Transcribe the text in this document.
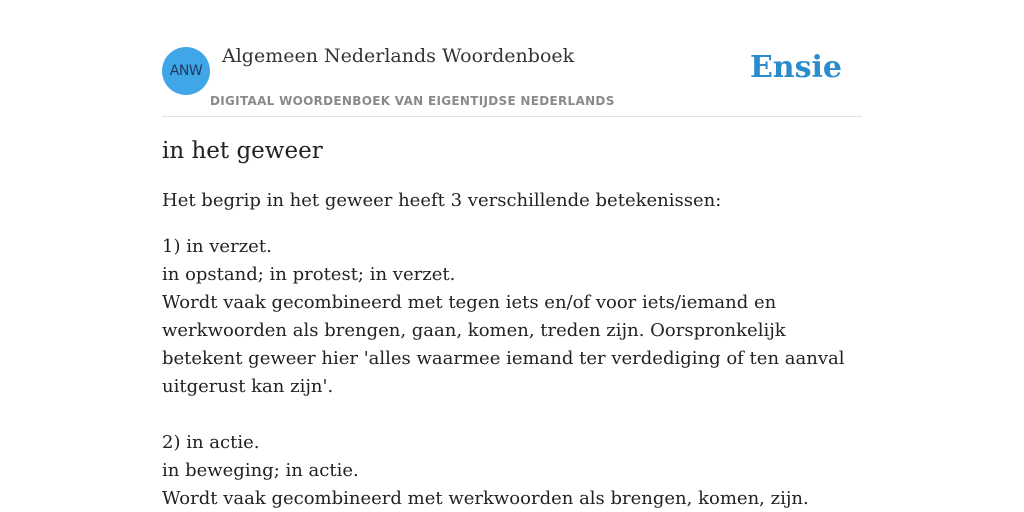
ANW
Algemeen Nederlands Woordenboek
DIGITAAL WOORDENBOEK VAN EIGENTIJDSE NEDERLANDS
Ensie
in het geweer

Het begrip in het geweer heeft 3 verschillende betekenissen:

1) in verzet.
in opstand; in protest; in verzet.
Wordt vaak gecombineerd met tegen iets en/of voor iets/iemand en werkwoorden als brengen, gaan, komen, treden zijn. Oorspronkelijk betekent geweer hier 'alles waarmee iemand ter verdediging of ten aanval uitgerust kan zijn'.
2) in actie.
in beweging; in actie.
Wordt vaak gecombineerd met werkwoorden als brengen, komen, zijn.
